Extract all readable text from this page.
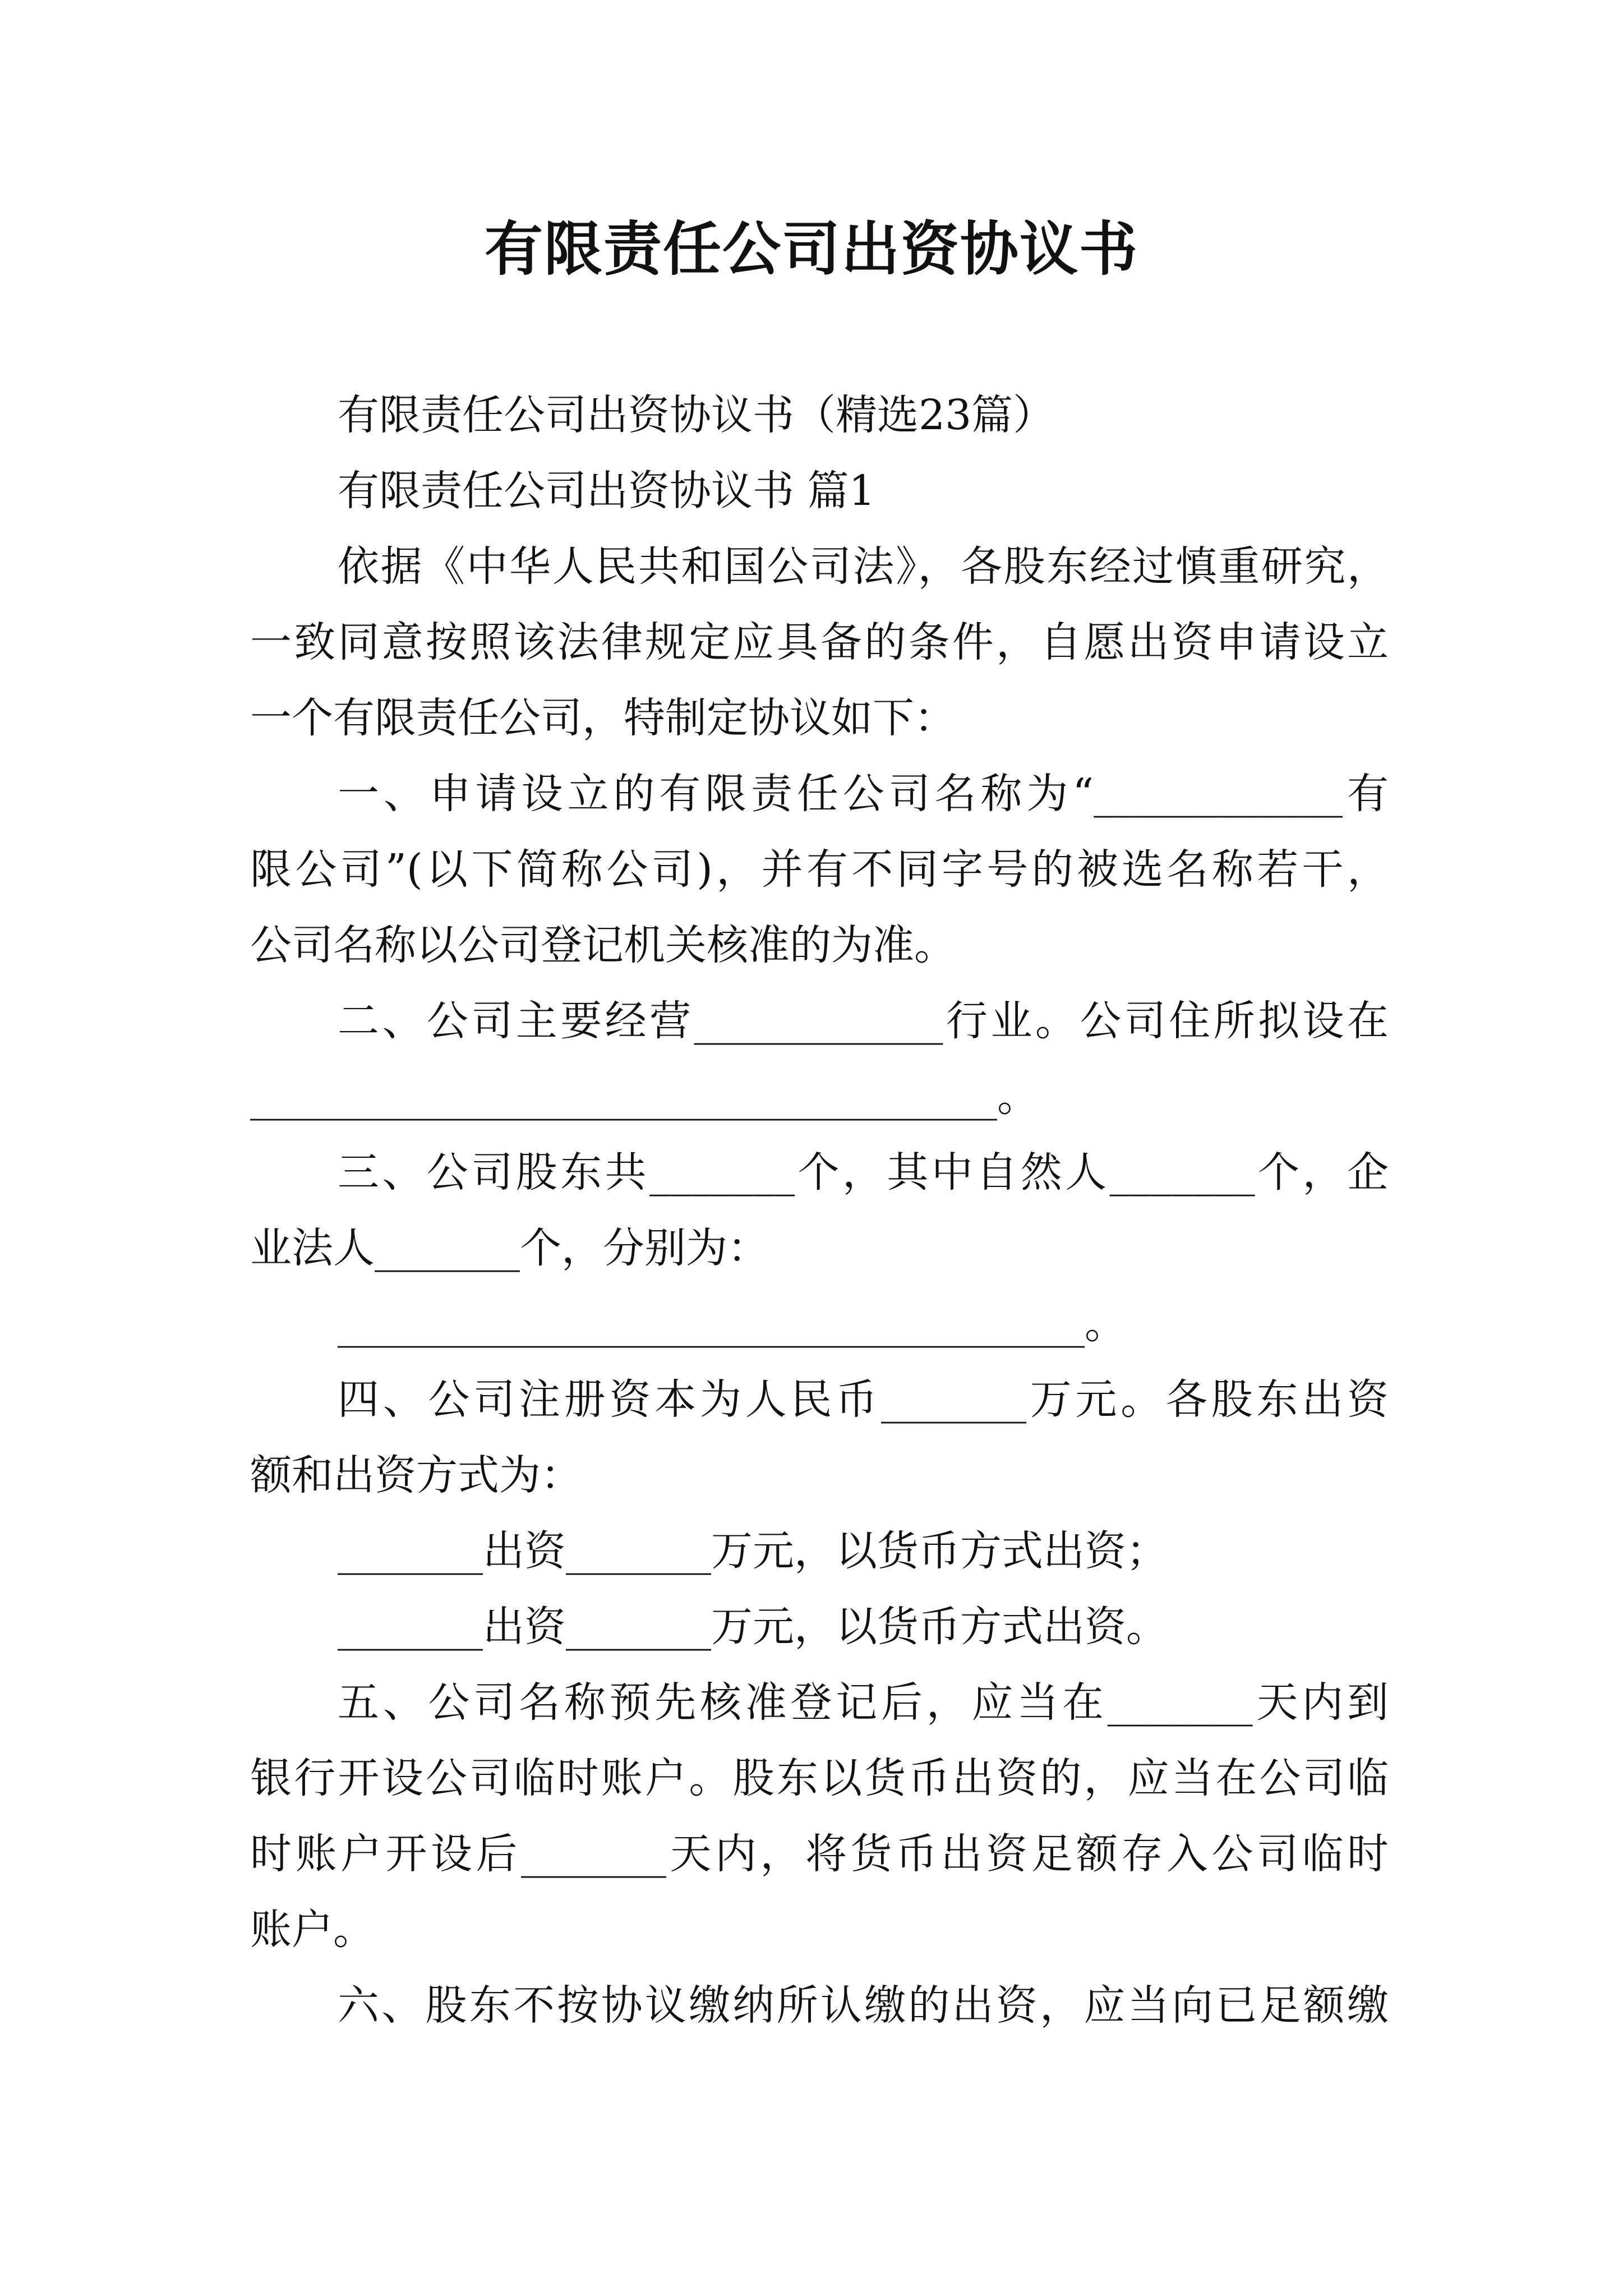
有限责任公司出资协议书
有限责任公司出资协议书（精选23篇）
有限责任公司出资协议书 篇1
依据《中华人民共和国公司法》，各股东经过慎重研究，
一致同意按照该法律规定应具备的条件，自愿出资申请设立
一个有限责任公司，特制定协议如下：
一、申请设立的有限责任公司名称为“____________有
限公司”(以下简称公司)，并有不同字号的被选名称若干，
公司名称以公司登记机关核准的为准。
二、公司主要经营____________行业。公司住所拟设在
____________________________________。
三、公司股东共_______个，其中自然人_______个，企
业法人_______个，分别为：
____________________________________。
四、公司注册资本为人民币_______万元。各股东出资
额和出资方式为：
_______出资_______万元，以货币方式出资；
_______出资_______万元，以货币方式出资。
五、公司名称预先核准登记后，应当在_______天内到
银行开设公司临时账户。股东以货币出资的，应当在公司临
时账户开设后_______天内，将货币出资足额存入公司临时
账户。
六、股东不按协议缴纳所认缴的出资，应当向已足额缴
